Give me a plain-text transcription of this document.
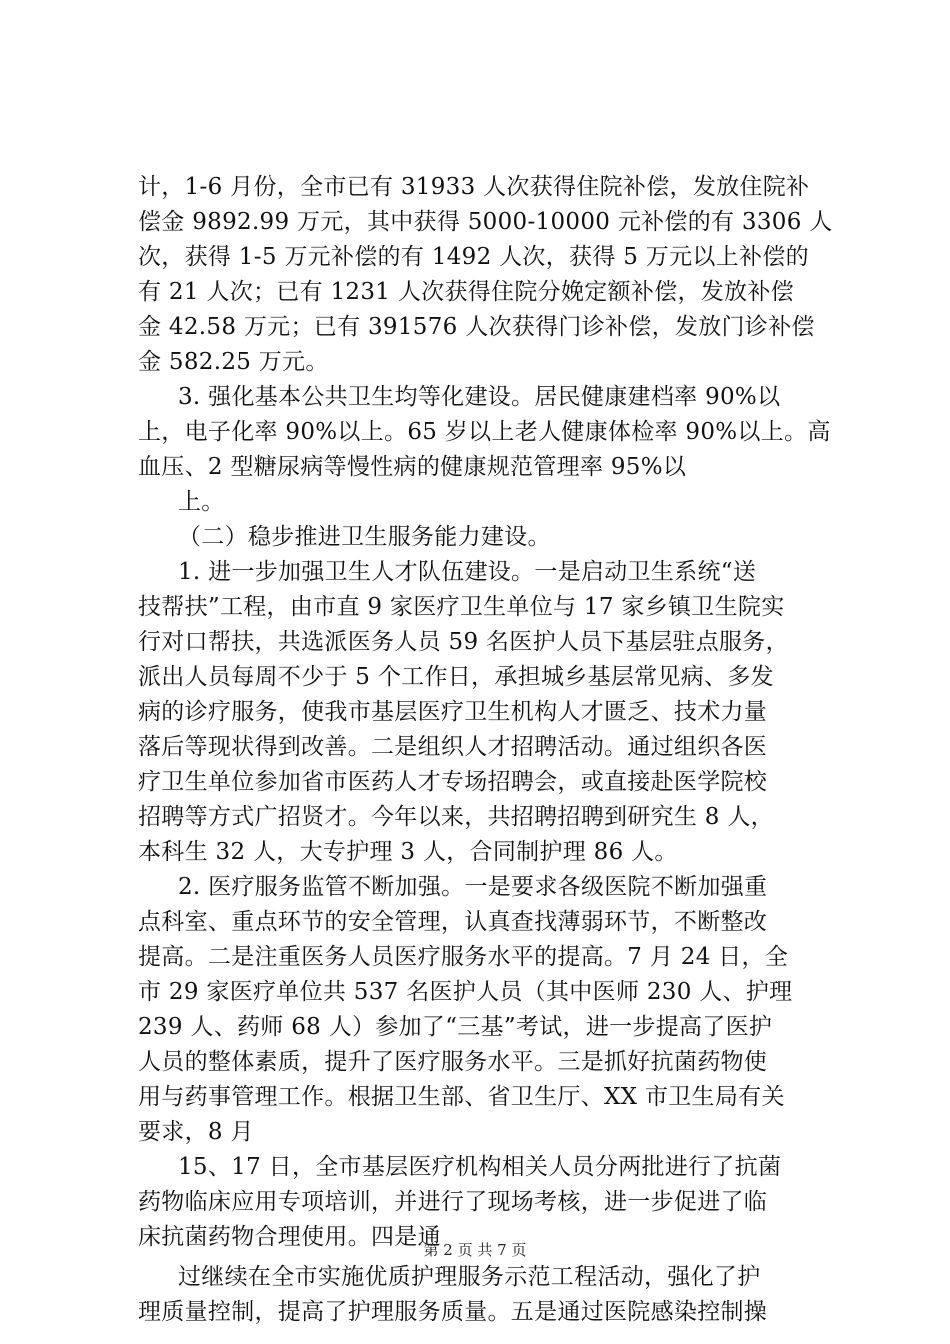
计，1-6 月份，全市已有 31933 人次获得住院补偿，发放住院补
偿金 9892.99 万元，其中获得 5000-10000 元补偿的有 3306 人
次，获得 1-5 万元补偿的有 1492 人次，获得 5 万元以上补偿的
有 21 人次；已有 1231 人次获得住院分娩定额补偿，发放补偿
金 42.58 万元；已有 391576 人次获得门诊补偿，发放门诊补偿
金 582.25 万元。
3. 强化基本公共卫生均等化建设。居民健康建档率 90%以
上，电子化率 90%以上。65 岁以上老人健康体检率 90%以上。高
血压、2 型糖尿病等慢性病的健康规范管理率 95%以
上。
（二）稳步推进卫生服务能力建设。
1. 进一步加强卫生人才队伍建设。一是启动卫生系统“送
技帮扶”工程，由市直 9 家医疗卫生单位与 17 家乡镇卫生院实
行对口帮扶，共选派医务人员 59 名医护人员下基层驻点服务，
派出人员每周不少于 5 个工作日，承担城乡基层常见病、多发
病的诊疗服务，使我市基层医疗卫生机构人才匮乏、技术力量
落后等现状得到改善。二是组织人才招聘活动。通过组织各医
疗卫生单位参加省市医药人才专场招聘会，或直接赴医学院校
招聘等方式广招贤才。今年以来，共招聘招聘到研究生 8 人，
本科生 32 人，大专护理 3 人，合同制护理 86 人。
2. 医疗服务监管不断加强。一是要求各级医院不断加强重
点科室、重点环节的安全管理，认真查找薄弱环节，不断整改
提高。二是注重医务人员医疗服务水平的提高。7 月 24 日，全
市 29 家医疗单位共 537 名医护人员（其中医师 230 人、护理
239 人、药师 68 人）参加了“三基”考试，进一步提高了医护
人员的整体素质，提升了医疗服务水平。三是抓好抗菌药物使
用与药事管理工作。根据卫生部、省卫生厅、XX 市卫生局有关
要求，8 月
15、17 日，全市基层医疗机构相关人员分两批进行了抗菌
药物临床应用专项培训，并进行了现场考核，进一步促进了临
床抗菌药物合理使用。四是通
过继续在全市实施优质护理服务示范工程活动，强化了护
理质量控制，提高了护理服务质量。五是通过医院感染控制操
第 2 页 共 7 页
